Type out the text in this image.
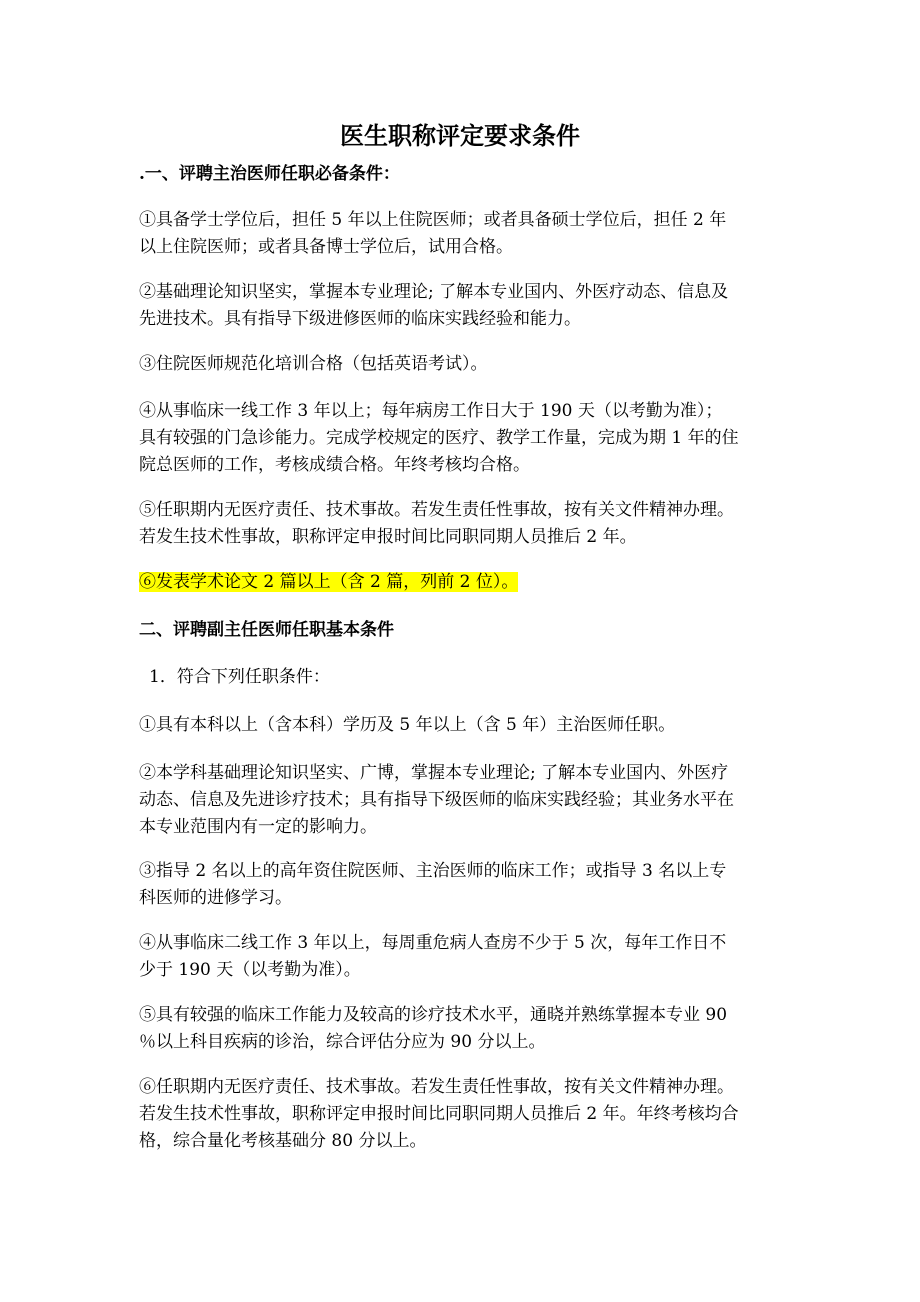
医生职称评定要求条件

.一、评聘主治医师任职必备条件：

①具备学士学位后，担任 5 年以上住院医师；或者具备硕士学位后，担任 2 年
以上住院医师；或者具备博士学位后，试用合格。

②基础理论知识坚实，掌握本专业理论; 了解本专业国内、外医疗动态、信息及
先进技术。具有指导下级进修医师的临床实践经验和能力。

③住院医师规范化培训合格（包括英语考试）。

④从事临床一线工作 3 年以上；每年病房工作日大于 190 天（以考勤为准）；
具有较强的门急诊能力。完成学校规定的医疗、教学工作量，完成为期 1 年的住
院总医师的工作，考核成绩合格。年终考核均合格。

⑤任职期内无医疗责任、技术事故。若发生责任性事故，按有关文件精神办理。
若发生技术性事故，职称评定申报时间比同职同期人员推后 2 年。

⑥发表学术论文 2 篇以上（含 2 篇，列前 2 位）。

二、评聘副主任医师任职基本条件

1．符合下列任职条件：

①具有本科以上（含本科）学历及 5 年以上（含 5 年）主治医师任职。

②本学科基础理论知识坚实、广博，掌握本专业理论; 了解本专业国内、外医疗
动态、信息及先进诊疗技术；具有指导下级医师的临床实践经验；其业务水平在
本专业范围内有一定的影响力。

③指导 2 名以上的高年资住院医师、主治医师的临床工作；或指导 3 名以上专
科医师的进修学习。

④从事临床二线工作 3 年以上，每周重危病人查房不少于 5 次，每年工作日不
少于 190 天（以考勤为准）。

⑤具有较强的临床工作能力及较高的诊疗技术水平，通晓并熟练掌握本专业 90
％以上科目疾病的诊治，综合评估分应为 90 分以上。

⑥任职期内无医疗责任、技术事故。若发生责任性事故，按有关文件精神办理。
若发生技术性事故，职称评定申报时间比同职同期人员推后 2 年。年终考核均合
格，综合量化考核基础分 80 分以上。
